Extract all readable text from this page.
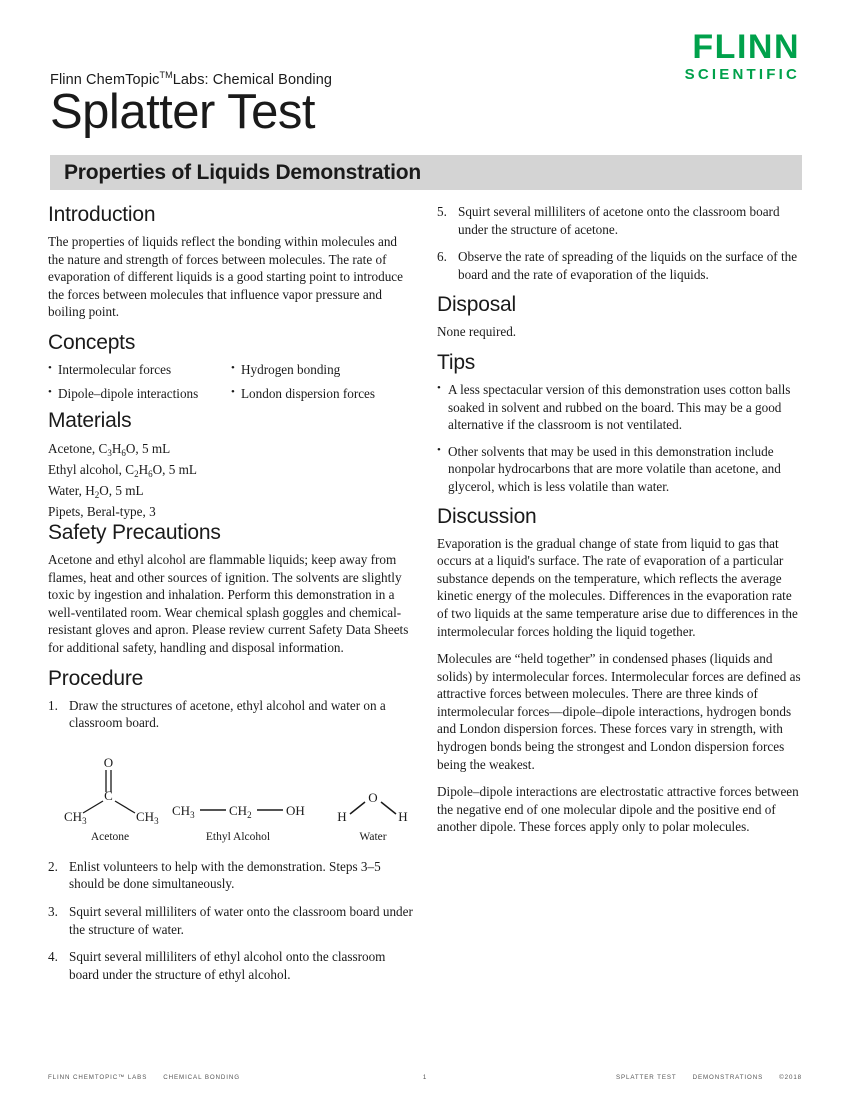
FLINN
SCIENTIFIC
Flinn ChemTopic™Labs: Chemical Bonding
Splatter Test
Properties of Liquids Demonstration
Introduction

The properties of liquids reflect the bonding within molecules and the nature and strength of forces between molecules. The rate of evaporation of different liquids is a good starting point to introduce the forces between molecules that influence vapor pressure and boiling point.

Concepts
• Intermolecular forces
• Dipole–dipole interactions
• Hydrogen bonding
• London dispersion forces
Materials
Acetone, $C_3H_6O$, 5 mL
Ethyl alcohol, $C_2H_6O$, 5 mL
Water, $H_2O$, 5 mL
Pipets, Beral-type, 3
Safety Precautions

Acetone and ethyl alcohol are flammable liquids; keep away from flames, heat and other sources of ignition. The solvents are slightly toxic by ingestion and inhalation. Perform this demonstration in a well-ventilated room. Wear chemical splash goggles and chemical-resistant gloves and apron. Please review current Safety Data Sheets for additional safety, handling and disposal information.

Procedure
1. Draw the structures of acetone, ethyl alcohol and water on a classroom board.
O
C
$CH_3$	$CH_3$
Acetone
$CH_3$	$CH_2$	OH
Ethyl Alcohol
O
H	H
Water
2. Enlist volunteers to help with the demonstration. Steps 3–5 should be done simultaneously.
3. Squirt several milliliters of water onto the classroom board under the structure of water.
4. Squirt several milliliters of ethyl alcohol onto the classroom board under the structure of ethyl alcohol.
5. Squirt several milliliters of acetone onto the classroom board under the structure of acetone.
6. Observe the rate of spreading of the liquids on the surface of the board and the rate of evaporation of the liquids.
Disposal

None required.

Tips
• A less spectacular version of this demonstration uses cotton balls soaked in solvent and rubbed on the board. This may be a good alternative if the classroom is not ventilated.
• Other solvents that may be used in this demonstration include nonpolar hydrocarbons that are more volatile than acetone, and glycerol, which is less volatile than water.
Discussion

Evaporation is the gradual change of state from liquid to gas that occurs at a liquid's surface. The rate of evaporation of a particular substance depends on the temperature, which reflects the average kinetic energy of the molecules. Differences in the evaporation rate of two liquids at the same temperature arise due to differences in the intermolecular forces holding the liquid together.

Molecules are “held together” in condensed phases (liquids and solids) by intermolecular forces. Intermolecular forces are defined as attractive forces between molecules. There are three kinds of intermolecular forces—dipole–dipole interactions, hydrogen bonds and London dispersion forces. These forces vary in strength, with hydrogen bonds being the strongest and London dispersion forces being the weakest.

Dipole–dipole interactions are electrostatic attractive forces between the negative end of one molecular dipole and the positive end of another dipole. These forces apply only to polar molecules.

FLINN CHEMTOPIC™ LABS	CHEMICAL BONDING	1	SPLATTER TEST	DEMONSTRATIONS	©2018
